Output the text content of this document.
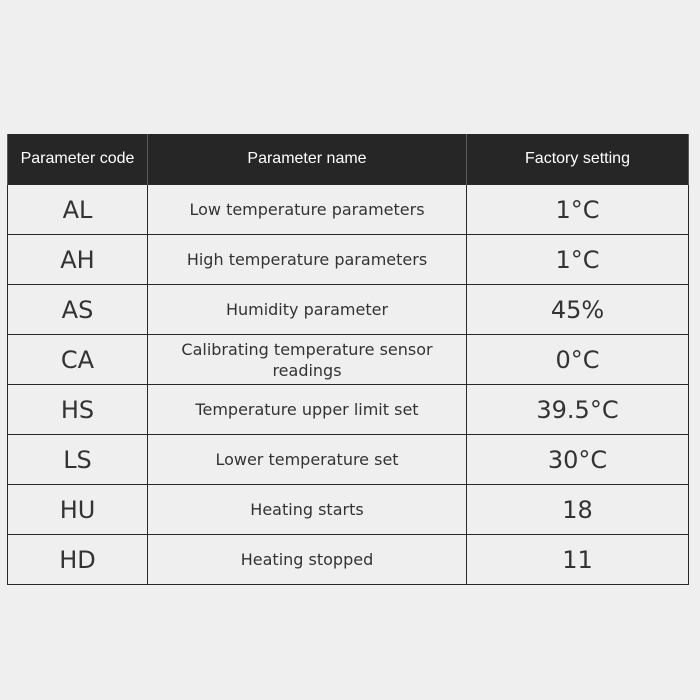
Parameter code	Parameter name	Factory setting
AL	Low temperature parameters	1°C
AH	High temperature parameters	1°C
AS	Humidity parameter	45%
CA	Calibrating temperature sensor readings	0°C
HS	Temperature upper limit set	39.5°C
LS	Lower temperature set	30°C
HU	Heating starts	18
HD	Heating stopped	11
